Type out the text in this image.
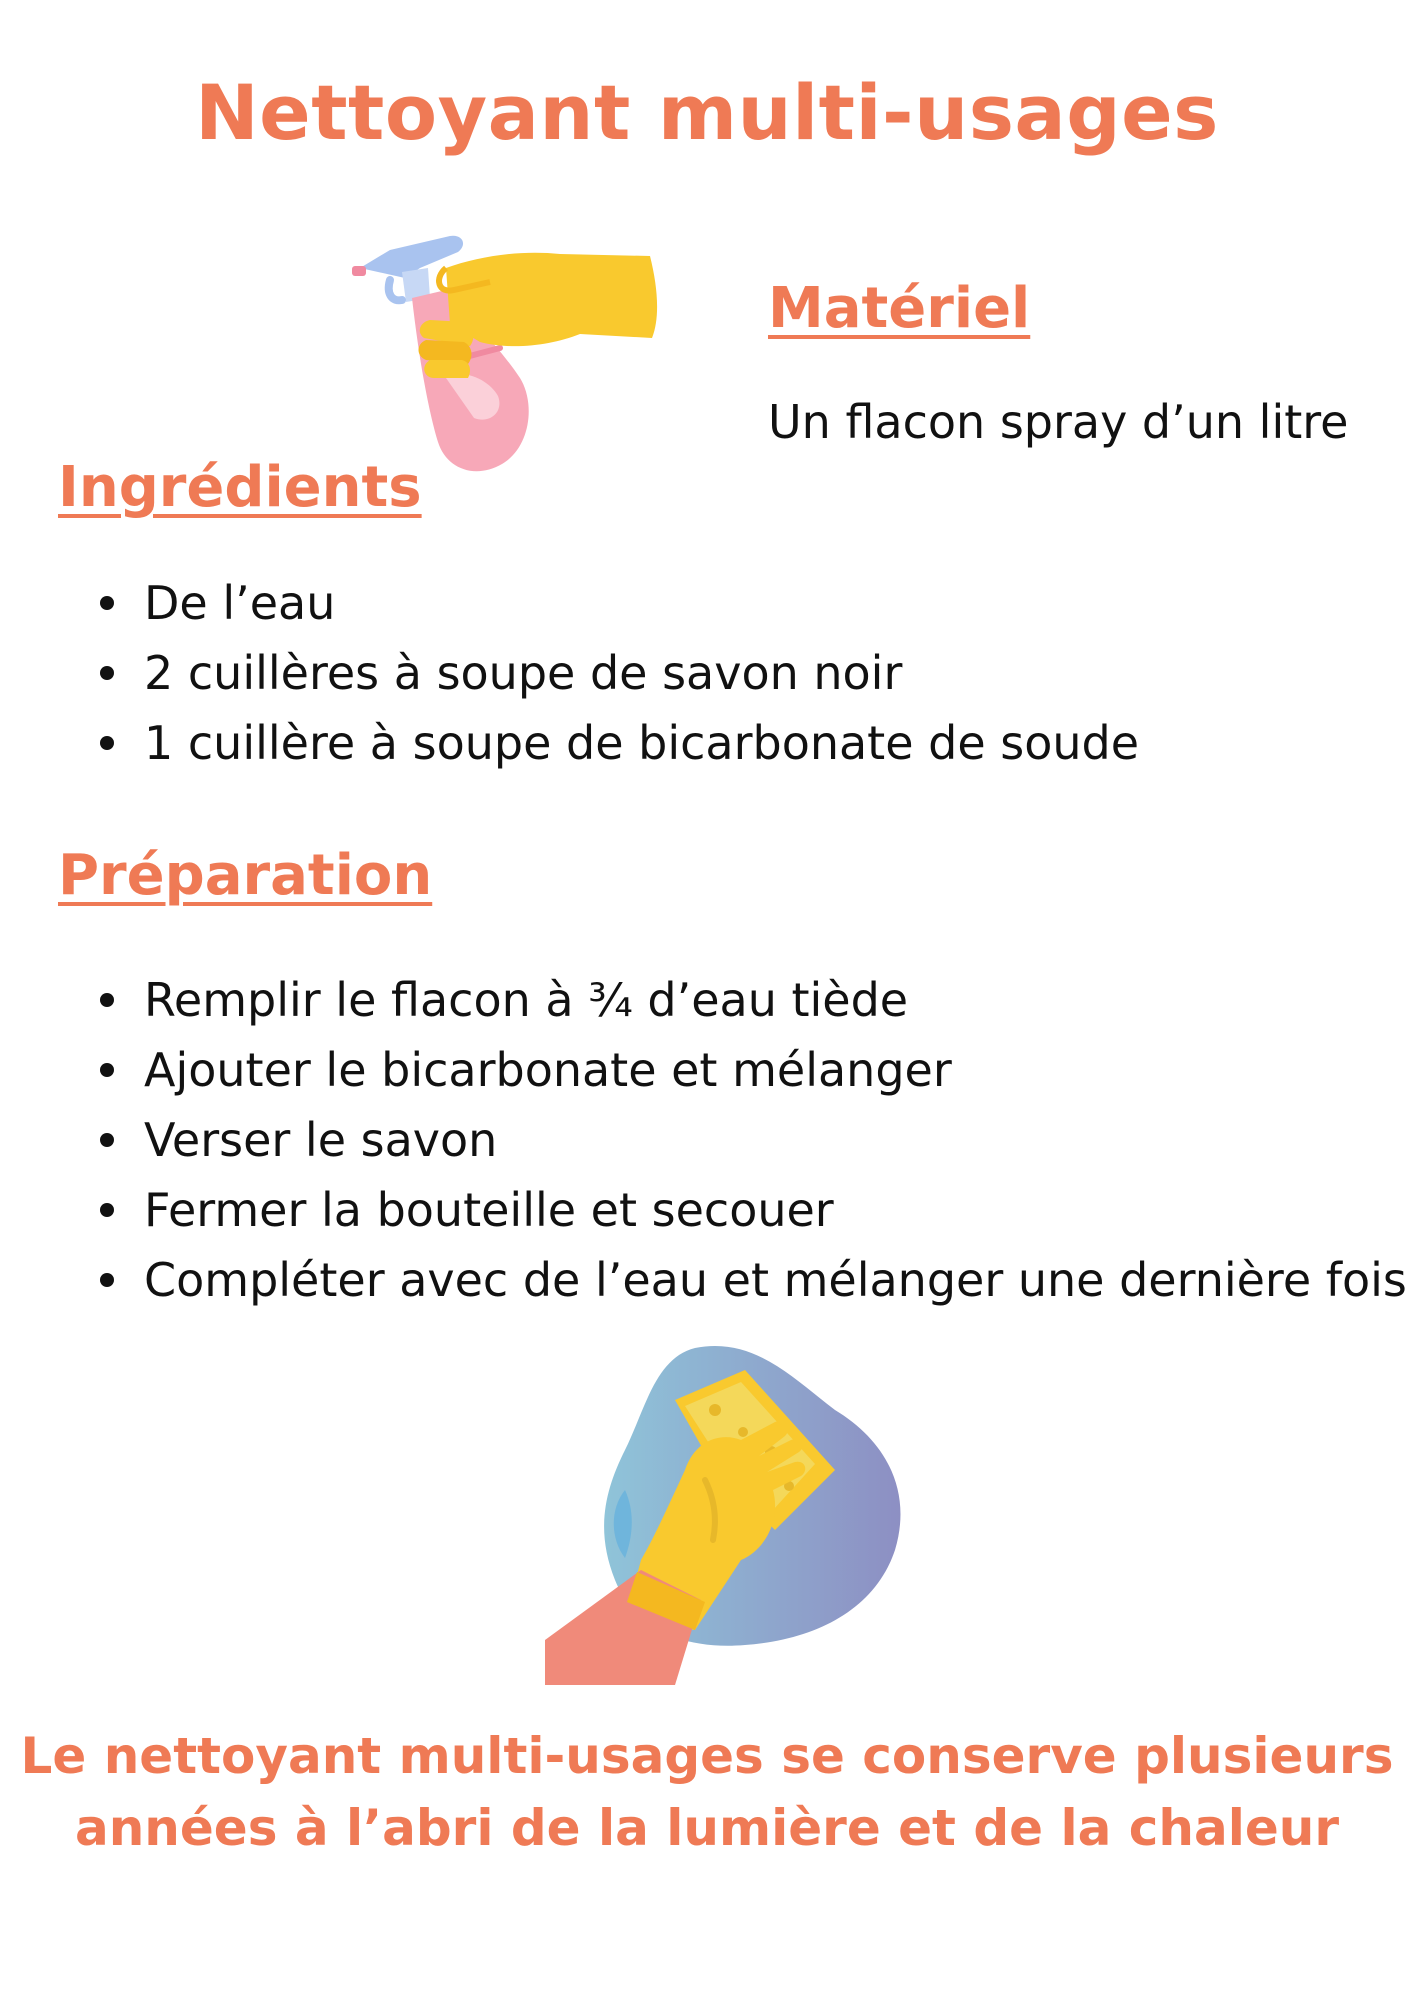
Nettoyant multi-usages
Matériel

Un flacon spray d’un litre

Ingrédients
De l’eau
2 cuillères à soupe de savon noir
1 cuillère à soupe de bicarbonate de soude
Préparation
Remplir le flacon à ¾ d’eau tiède
Ajouter le bicarbonate et mélanger
Verser le savon
Fermer la bouteille et secouer
Compléter avec de l’eau et mélanger une dernière fois

Le nettoyant multi-usages se conserve plusieurs
années à l’abri de la lumière et de la chaleur
